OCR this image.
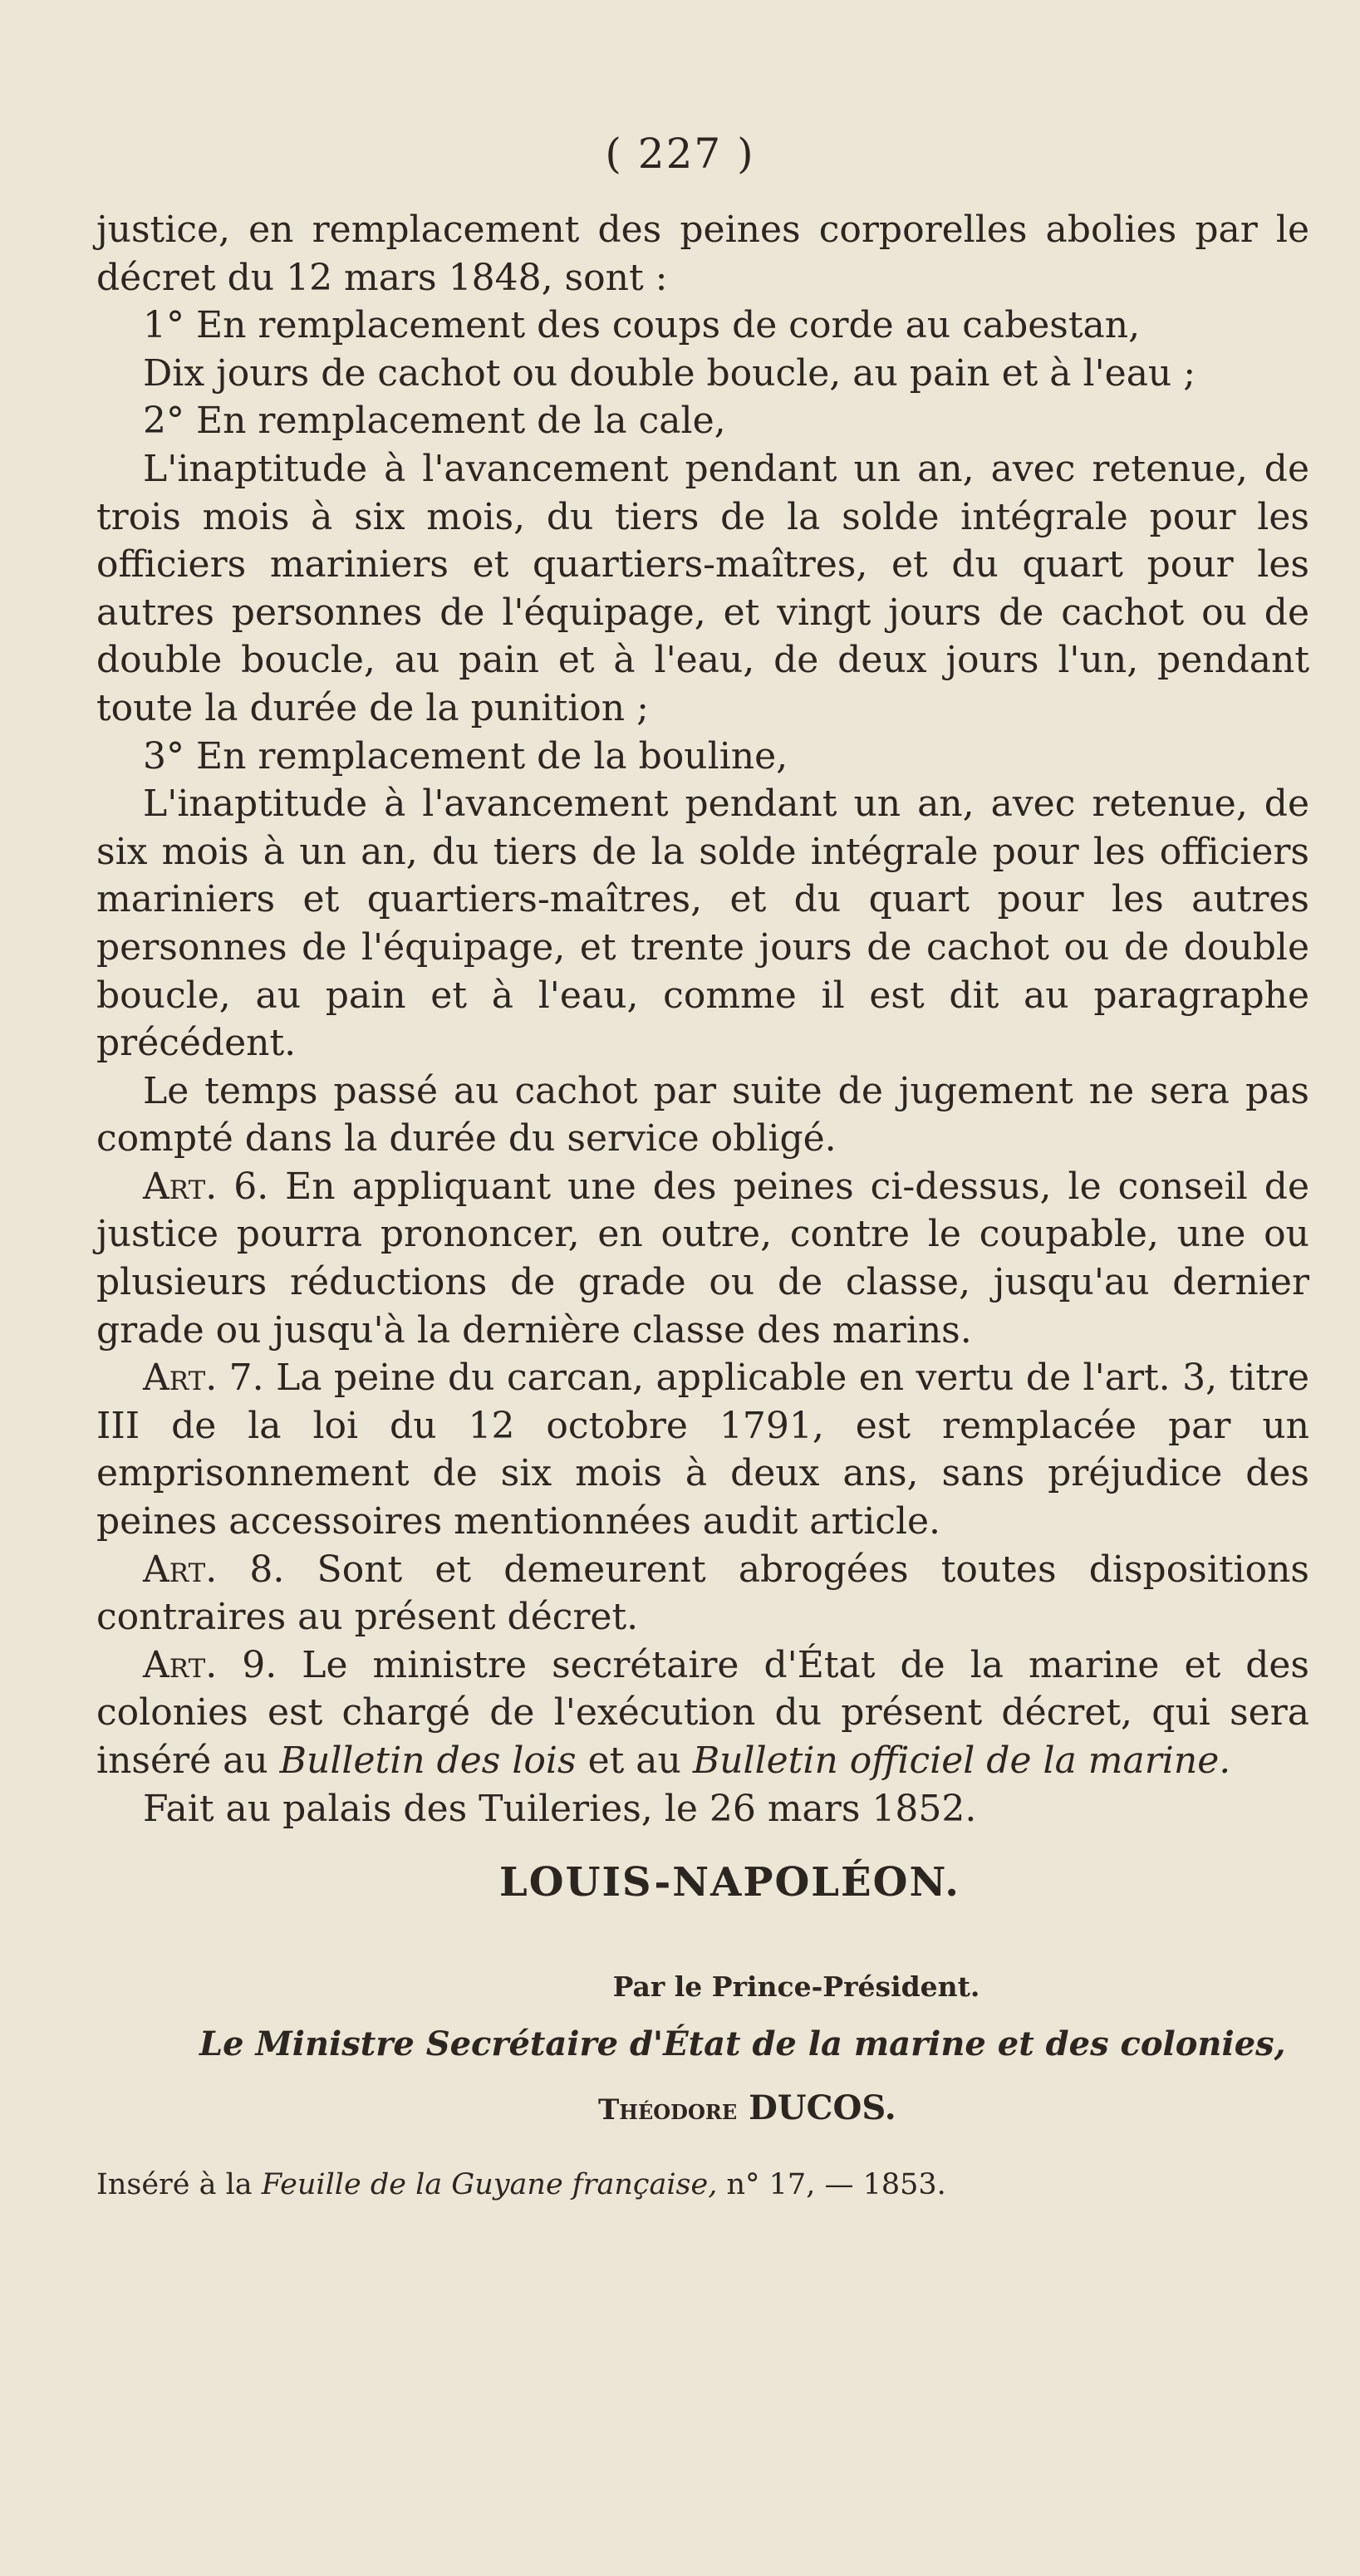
( 227 )

justice, en remplacement des peines corporelles abolies par le décret du 12 mars 1848, sont :

1° En remplacement des coups de corde au cabestan,

Dix jours de cachot ou double boucle, au pain et à l'eau ;

2° En remplacement de la cale,

L'inaptitude à l'avancement pendant un an, avec retenue, de trois mois à six mois, du tiers de la solde intégrale pour les officiers mariniers et quartiers-maîtres, et du quart pour les autres personnes de l'équipage, et vingt jours de cachot ou de double boucle, au pain et à l'eau, de deux jours l'un, pendant toute la durée de la punition ;

3° En remplacement de la bouline,

L'inaptitude à l'avancement pendant un an, avec retenue, de six mois à un an, du tiers de la solde intégrale pour les officiers mariniers et quartiers-maîtres, et du quart pour les autres personnes de l'équipage, et trente jours de cachot ou de double boucle, au pain et à l'eau, comme il est dit au paragraphe précédent.

Le temps passé au cachot par suite de jugement ne sera pas compté dans la durée du service obligé.

Art. 6. En appliquant une des peines ci-dessus, le conseil de justice pourra prononcer, en outre, contre le coupable, une ou plusieurs réductions de grade ou de classe, jusqu'au dernier grade ou jusqu'à la dernière classe des marins.

Art. 7. La peine du carcan, applicable en vertu de l'art. 3, titre III de la loi du 12 octobre 1791, est remplacée par un emprisonnement de six mois à deux ans, sans préjudice des peines accessoires mentionnées audit article.

Art. 8. Sont et demeurent abrogées toutes dispositions contraires au présent décret.

Art. 9. Le ministre secrétaire d'État de la marine et des colonies est chargé de l'exécution du présent décret, qui sera inséré au Bulletin des lois et au Bulletin officiel de la marine.

Fait au palais des Tuileries, le 26 mars 1852.

LOUIS-NAPOLÉON.
Par le Prince-Président.
Le Ministre Secrétaire d'État de la marine et des colonies,
Théodore DUCOS.
Inséré à la Feuille de la Guyane française, n° 17, — 1853.
